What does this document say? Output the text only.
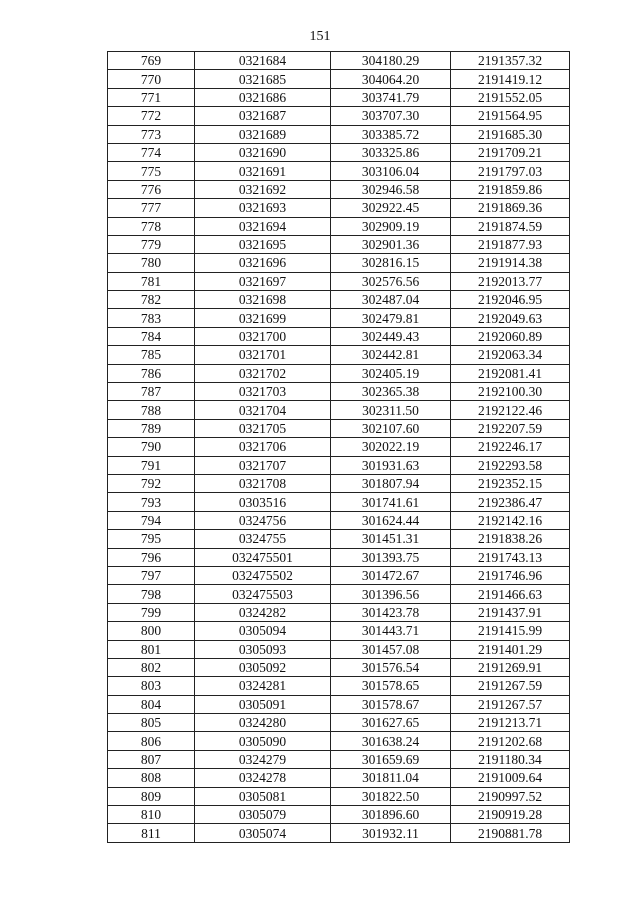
151
769	0321684	304180.29	2191357.32
770	0321685	304064.20	2191419.12
771	0321686	303741.79	2191552.05
772	0321687	303707.30	2191564.95
773	0321689	303385.72	2191685.30
774	0321690	303325.86	2191709.21
775	0321691	303106.04	2191797.03
776	0321692	302946.58	2191859.86
777	0321693	302922.45	2191869.36
778	0321694	302909.19	2191874.59
779	0321695	302901.36	2191877.93
780	0321696	302816.15	2191914.38
781	0321697	302576.56	2192013.77
782	0321698	302487.04	2192046.95
783	0321699	302479.81	2192049.63
784	0321700	302449.43	2192060.89
785	0321701	302442.81	2192063.34
786	0321702	302405.19	2192081.41
787	0321703	302365.38	2192100.30
788	0321704	302311.50	2192122.46
789	0321705	302107.60	2192207.59
790	0321706	302022.19	2192246.17
791	0321707	301931.63	2192293.58
792	0321708	301807.94	2192352.15
793	0303516	301741.61	2192386.47
794	0324756	301624.44	2192142.16
795	0324755	301451.31	2191838.26
796	032475501	301393.75	2191743.13
797	032475502	301472.67	2191746.96
798	032475503	301396.56	2191466.63
799	0324282	301423.78	2191437.91
800	0305094	301443.71	2191415.99
801	0305093	301457.08	2191401.29
802	0305092	301576.54	2191269.91
803	0324281	301578.65	2191267.59
804	0305091	301578.67	2191267.57
805	0324280	301627.65	2191213.71
806	0305090	301638.24	2191202.68
807	0324279	301659.69	2191180.34
808	0324278	301811.04	2191009.64
809	0305081	301822.50	2190997.52
810	0305079	301896.60	2190919.28
811	0305074	301932.11	2190881.78
